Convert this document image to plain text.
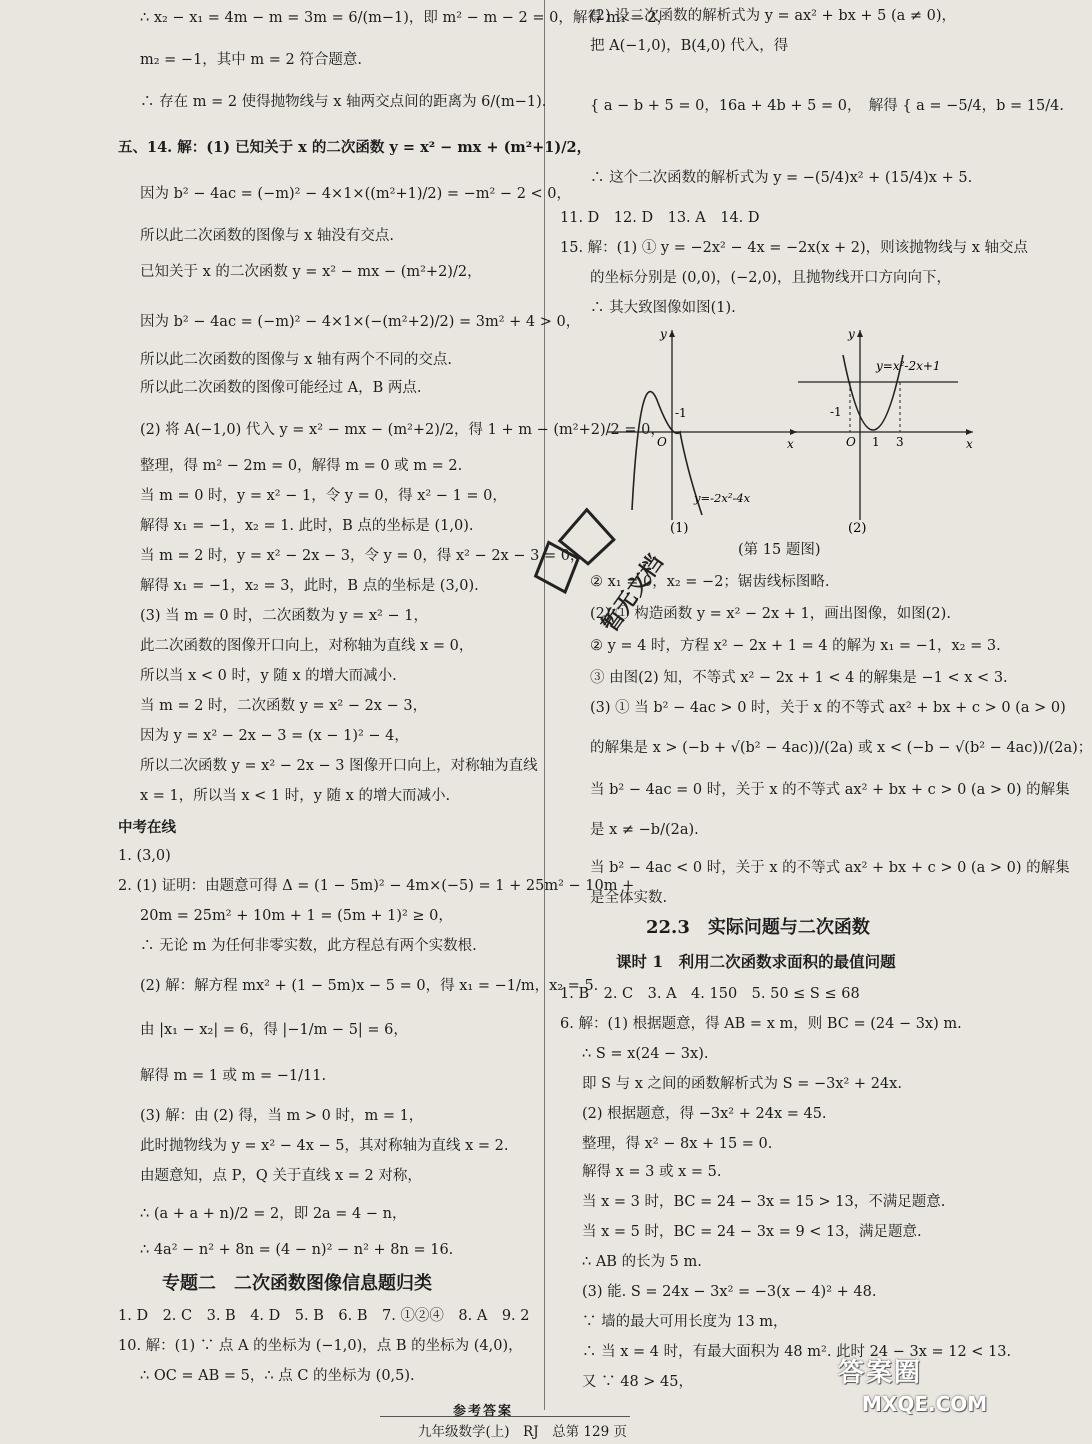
∴ x₂ − x₁ = 4m − m = 3m = 6/(m−1)，即 m² − m − 2 = 0，解得 m₁ = 2，
m₂ = −1，其中 m = 2 符合题意.
∴ 存在 m = 2 使得抛物线与 x 轴两交点间的距离为 6/(m−1).
五、14. 解：(1) 已知关于 x 的二次函数 y = x² − mx + (m²+1)/2，
因为 b² − 4ac = (−m)² − 4×1×((m²+1)/2) = −m² − 2 < 0，
所以此二次函数的图像与 x 轴没有交点.
已知关于 x 的二次函数 y = x² − mx − (m²+2)/2，
因为 b² − 4ac = (−m)² − 4×1×(−(m²+2)/2) = 3m² + 4 > 0，
所以此二次函数的图像与 x 轴有两个不同的交点.
所以此二次函数的图像可能经过 A，B 两点.
(2) 将 A(−1,0) 代入 y = x² − mx − (m²+2)/2，得 1 + m − (m²+2)/2 = 0，
整理，得 m² − 2m = 0，解得 m = 0 或 m = 2.
当 m = 0 时，y = x² − 1，令 y = 0，得 x² − 1 = 0，
解得 x₁ = −1，x₂ = 1. 此时，B 点的坐标是 (1,0).
当 m = 2 时，y = x² − 2x − 3，令 y = 0，得 x² − 2x − 3 = 0，
解得 x₁ = −1，x₂ = 3，此时，B 点的坐标是 (3,0).
(3) 当 m = 0 时，二次函数为 y = x² − 1，
此二次函数的图像开口向上，对称轴为直线 x = 0，
所以当 x < 0 时，y 随 x 的增大而减小.
当 m = 2 时，二次函数 y = x² − 2x − 3，
因为 y = x² − 2x − 3 = (x − 1)² − 4，
所以二次函数 y = x² − 2x − 3 图像开口向上，对称轴为直线
x = 1，所以当 x < 1 时，y 随 x 的增大而减小.
中考在线
1. (3,0)
2. (1) 证明：由题意可得 Δ = (1 − 5m)² − 4m×(−5) = 1 + 25m² − 10m +
20m = 25m² + 10m + 1 = (5m + 1)² ≥ 0，
∴ 无论 m 为任何非零实数，此方程总有两个实数根.
(2) 解：解方程 mx² + (1 − 5m)x − 5 = 0，得 x₁ = −1/m，x₂ = 5.
由 |x₁ − x₂| = 6，得 |−1/m − 5| = 6，
解得 m = 1 或 m = −1/11.
(3) 解：由 (2) 得，当 m > 0 时，m = 1，
此时抛物线为 y = x² − 4x − 5，其对称轴为直线 x = 2.
由题意知，点 P，Q 关于直线 x = 2 对称，
∴ (a + a + n)/2 = 2，即 2a = 4 − n，
∴ 4a² − n² + 8n = (4 − n)² − n² + 8n = 16.
专题二　二次函数图像信息题归类
1. D　2. C　3. B　4. D　5. B　6. B　7. ①②④　8. A　9. 2
10. 解：(1) ∵ 点 A 的坐标为 (−1,0)，点 B 的坐标为 (4,0)，
∴ OC = AB = 5，∴ 点 C 的坐标为 (0,5).
(2) 设二次函数的解析式为 y = ax² + bx + 5 (a ≠ 0)，
把 A(−1,0)，B(4,0) 代入，得
{ a − b + 5 = 0，16a + 4b + 5 = 0，　解得 { a = −5/4，b = 15/4.
∴ 这个二次函数的解析式为 y = −(5/4)x² + (15/4)x + 5.
11. D　12. D　13. A　14. D
15. 解：(1) ① y = −2x² − 4x = −2x(x + 2)，则该抛物线与 x 轴交点
的坐标分别是 (0,0)，(−2,0)，且抛物线开口方向向下，
∴ 其大致图像如图(1).
-1
O	x
y
y=-2x²-4x
(1)
-1
O 1 3	x
y
y=x²-2x+1
(2)
(第 15 题图)
② x₁ = 0，x₂ = −2；锯齿线标图略.
(2) ① 构造函数 y = x² − 2x + 1，画出图像，如图(2).
② y = 4 时，方程 x² − 2x + 1 = 4 的解为 x₁ = −1，x₂ = 3.
③ 由图(2) 知，不等式 x² − 2x + 1 < 4 的解集是 −1 < x < 3.
(3) ① 当 b² − 4ac > 0 时，关于 x 的不等式 ax² + bx + c > 0 (a > 0)
的解集是 x > (−b + √(b² − 4ac))/(2a) 或 x < (−b − √(b² − 4ac))/(2a)；
当 b² − 4ac = 0 时，关于 x 的不等式 ax² + bx + c > 0 (a > 0) 的解集
是 x ≠ −b/(2a).
当 b² − 4ac < 0 时，关于 x 的不等式 ax² + bx + c > 0 (a > 0) 的解集
是全体实数.
22.3　实际问题与二次函数
课时 1　利用二次函数求面积的最值问题
1. B　2. C　3. A　4. 150　5. 50 ≤ S ≤ 68
6. 解：(1) 根据题意，得 AB = x m，则 BC = (24 − 3x) m.
∴ S = x(24 − 3x).
即 S 与 x 之间的函数解析式为 S = −3x² + 24x.
(2) 根据题意，得 −3x² + 24x = 45.
整理，得 x² − 8x + 15 = 0.
解得 x = 3 或 x = 5.
当 x = 3 时，BC = 24 − 3x = 15 > 13，不满足题意.
当 x = 5 时，BC = 24 − 3x = 9 < 13，满足题意.
∴ AB 的长为 5 m.
(3) 能. S = 24x − 3x² = −3(x − 4)² + 48.
∵ 墙的最大可用长度为 13 m，
∴ 当 x = 4 时，有最大面积为 48 m². 此时 24 − 3x = 12 < 13.
又 ∵ 48 > 45，
暂无文档
参考答案
九年级数学(上)　RJ　总第 129 页
答案圈
MXQE.COM
